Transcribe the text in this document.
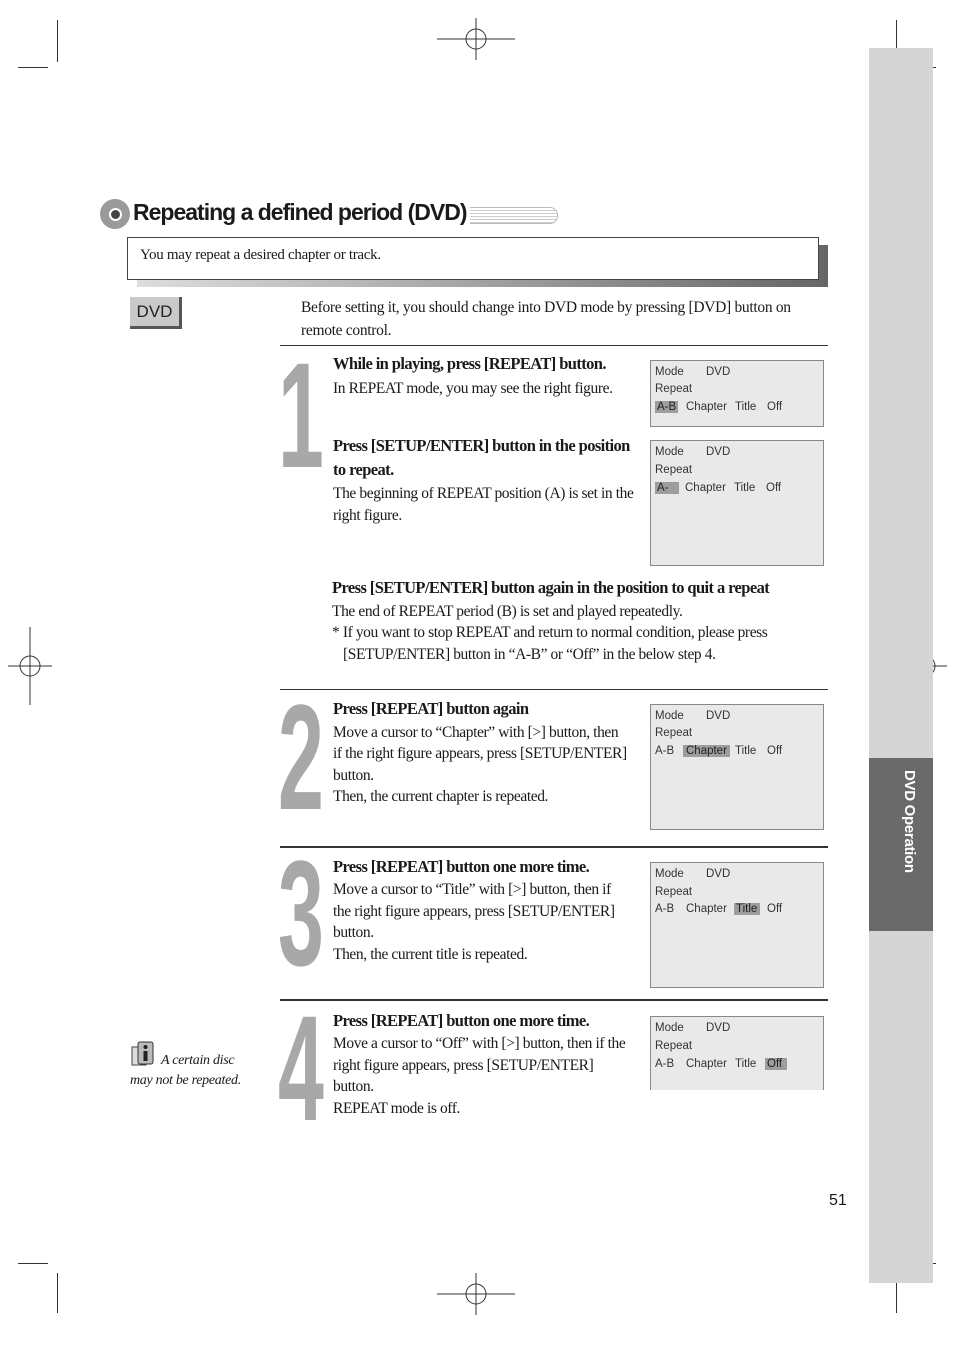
DVD Operation
Repeating a defined period (DVD)
You may repeat a desired chapter or track.
DVD	Before setting it, you should change into DVD mode by pressing [DVD] button on remote control.
1 While in playing, press [REPEAT] button.
In REPEAT mode, you may see the right figure.
Press [SETUP/ENTER] button in the position
to repeat.
The beginning of REPEAT position (A) is set in the
right figure.
Press [SETUP/ENTER] button again in the position to quit a repeat
The end of REPEAT period (B) is set and played repeatedly.
* If you want to stop REPEAT and return to normal condition, please press
[SETUP/ENTER] button in “A-B” or “Off” in the below step 4.
Mode DVD
Repeat
A-B Chapter Title Off
Mode DVD
Repeat
A-	Chapter Title Off
2 Press [REPEAT] button again
Move a cursor to “Chapter” with [>] button, then
if the right figure appears, press [SETUP/ENTER]
button.
Then, the current chapter is repeated.
Mode DVD
Repeat
A-B Chapter Title Off
3 Press [REPEAT] button one more time.
Move a cursor to “Title” with [>] button, then if
the right figure appears, press [SETUP/ENTER]
button.
Then, the current title is repeated.
Mode DVD
Repeat
A-B Chapter Title Off
4 Press [REPEAT] button one more time.
Move a cursor to “Off” with [>] button, then if the
right figure appears, press [SETUP/ENTER]
button.
REPEAT mode is off.
Mode DVD
Repeat
A-B Chapter Title Off
A certain disc
may not be repeated.
51
